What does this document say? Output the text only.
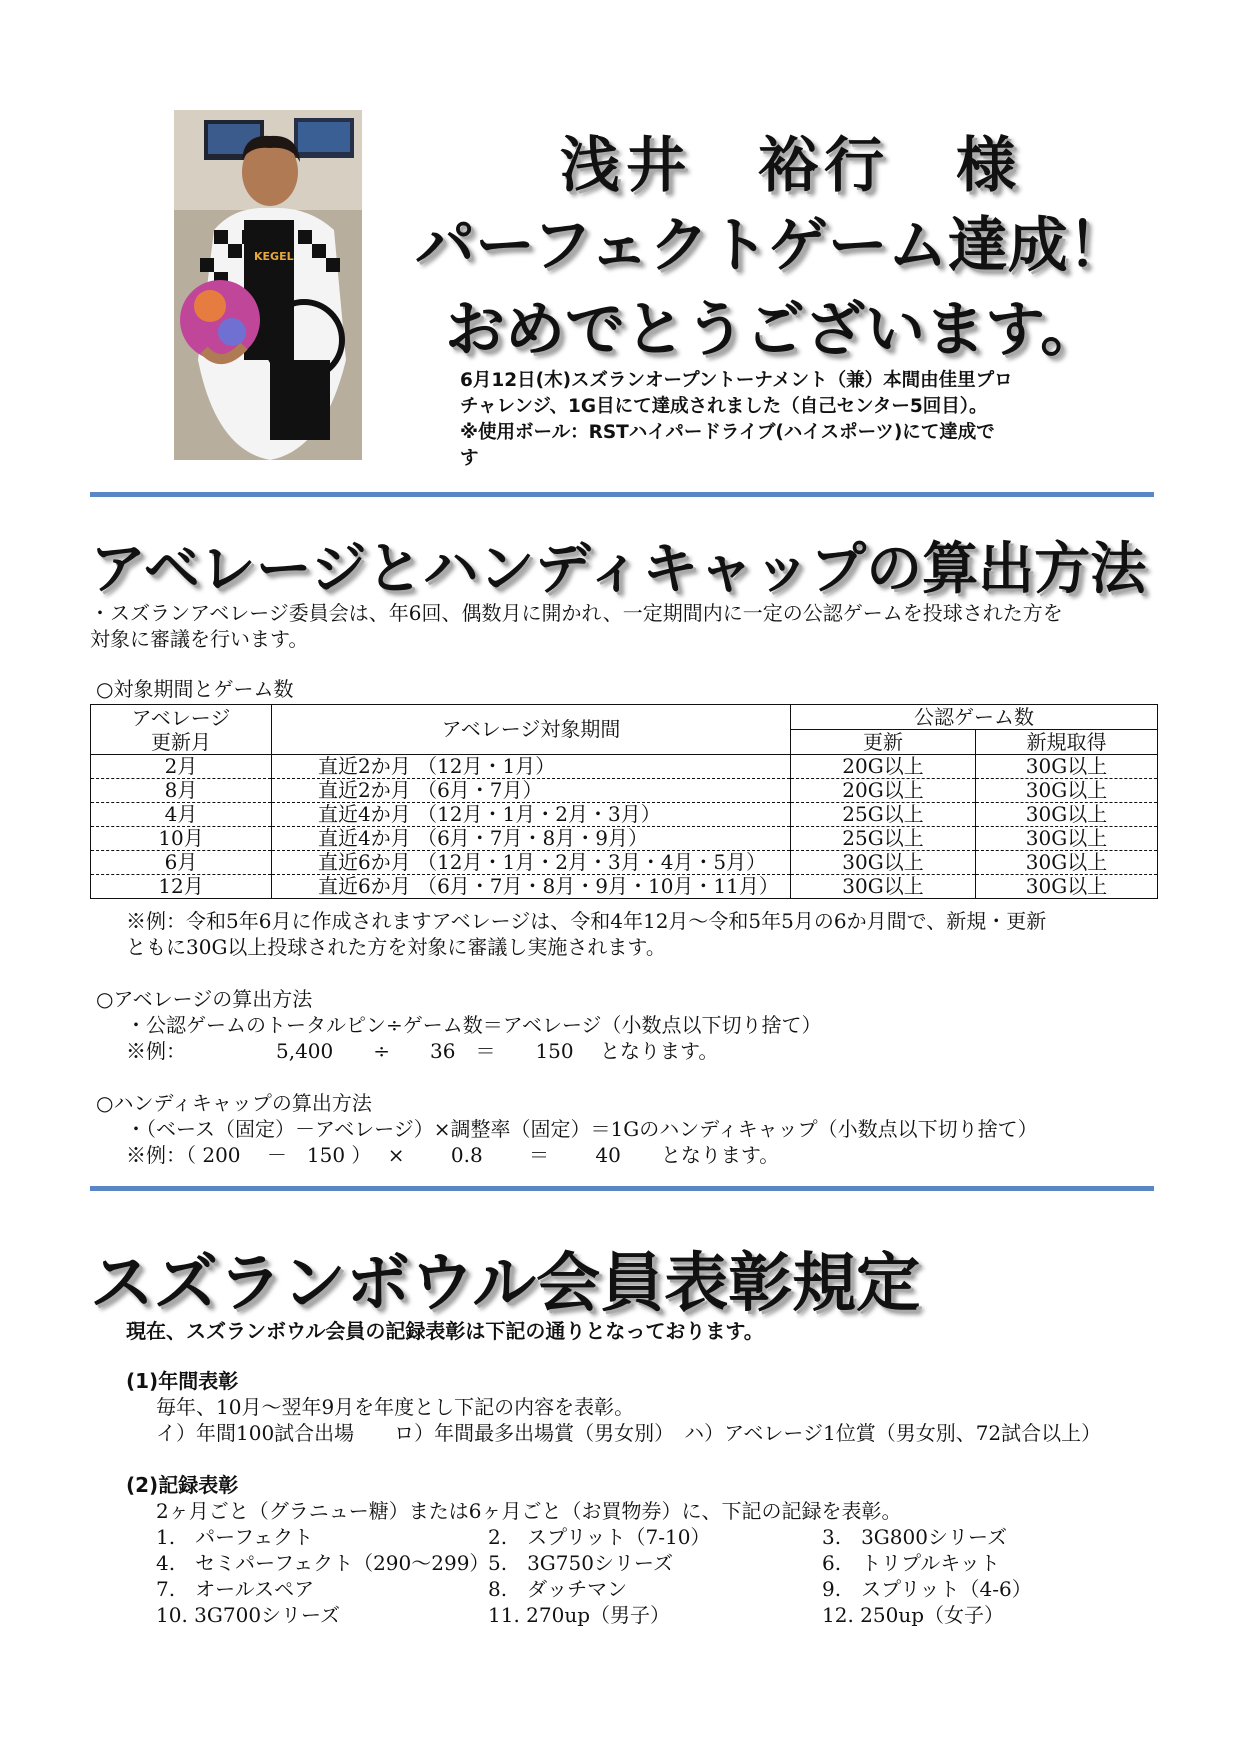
KEGEL
浅井　裕行　様
パーフェクトゲーム達成！
おめでとうございます。
6月12日(木)スズランオープントーナメント（兼）本間由佳里プロ
チャレンジ、1G目にて達成されました（自己センター5回目）。
※使用ボール：RSTハイパードライブ(ハイスポーツ)にて達成で
す
アベレージとハンディキャップの算出方法
・スズランアベレージ委員会は、年6回、偶数月に開かれ、一定期間内に一定の公認ゲームを投球された方を
対象に審議を行います。
○対象期間とゲーム数
アベレージ
更新月	アベレージ対象期間	公認ゲーム数	
		更新	新規取得
2月	直近2か月 （12月・1月）	20G以上	30G以上
8月	直近2か月 （6月・7月）	20G以上	30G以上
4月	直近4か月 （12月・1月・2月・3月）	25G以上	30G以上
10月	直近4か月 （6月・7月・8月・9月）	25G以上	30G以上
6月	直近6か月 （12月・1月・2月・3月・4月・5月）	30G以上	30G以上
12月	直近6か月 （6月・7月・8月・9月・10月・11月）	30G以上	30G以上
※例：令和5年6月に作成されますアベレージは、令和4年12月～令和5年5月の6か月間で、新規・更新
ともに30G以上投球された方を対象に審議し実施されます。
○アベレージの算出方法
・公認ゲームのトータルピン÷ゲーム数＝アベレージ（小数点以下切り捨て）
※例：	5,400　　÷　　36　＝　　150　 となります。
○ハンディキャップの算出方法
・（ベース（固定）－アベレージ）×調整率（固定）＝1Gのハンディキャップ（小数点以下切り捨て）
※例：（ 200　 －　150 ）　 ×　　 0.8　　 ＝　　 40　　となります。
スズランボウル会員表彰規定
現在、スズランボウル会員の記録表彰は下記の通りとなっております。
(1)年間表彰
毎年、10月～翌年9月を年度とし下記の内容を表彰。
イ）年間100試合出場　　ロ）年間最多出場賞（男女別）　ハ）アベレージ1位賞（男女別、72試合以上）
(2)記録表彰
2ヶ月ごと（グラニュー糖）または6ヶ月ごと（お買物券）に、下記の記録を表彰。
1.　パーフェクト	2.　スプリット（7-10）	3.　3G800シリーズ
4.　セミパーフェクト（290～299）
5.　3G750シリーズ	6.　トリプルキット
7.　オールスペア	8.　ダッチマン	9.　スプリット（4-6）
10. 3G700シリーズ	11. 270up（男子）	12. 250up（女子）
